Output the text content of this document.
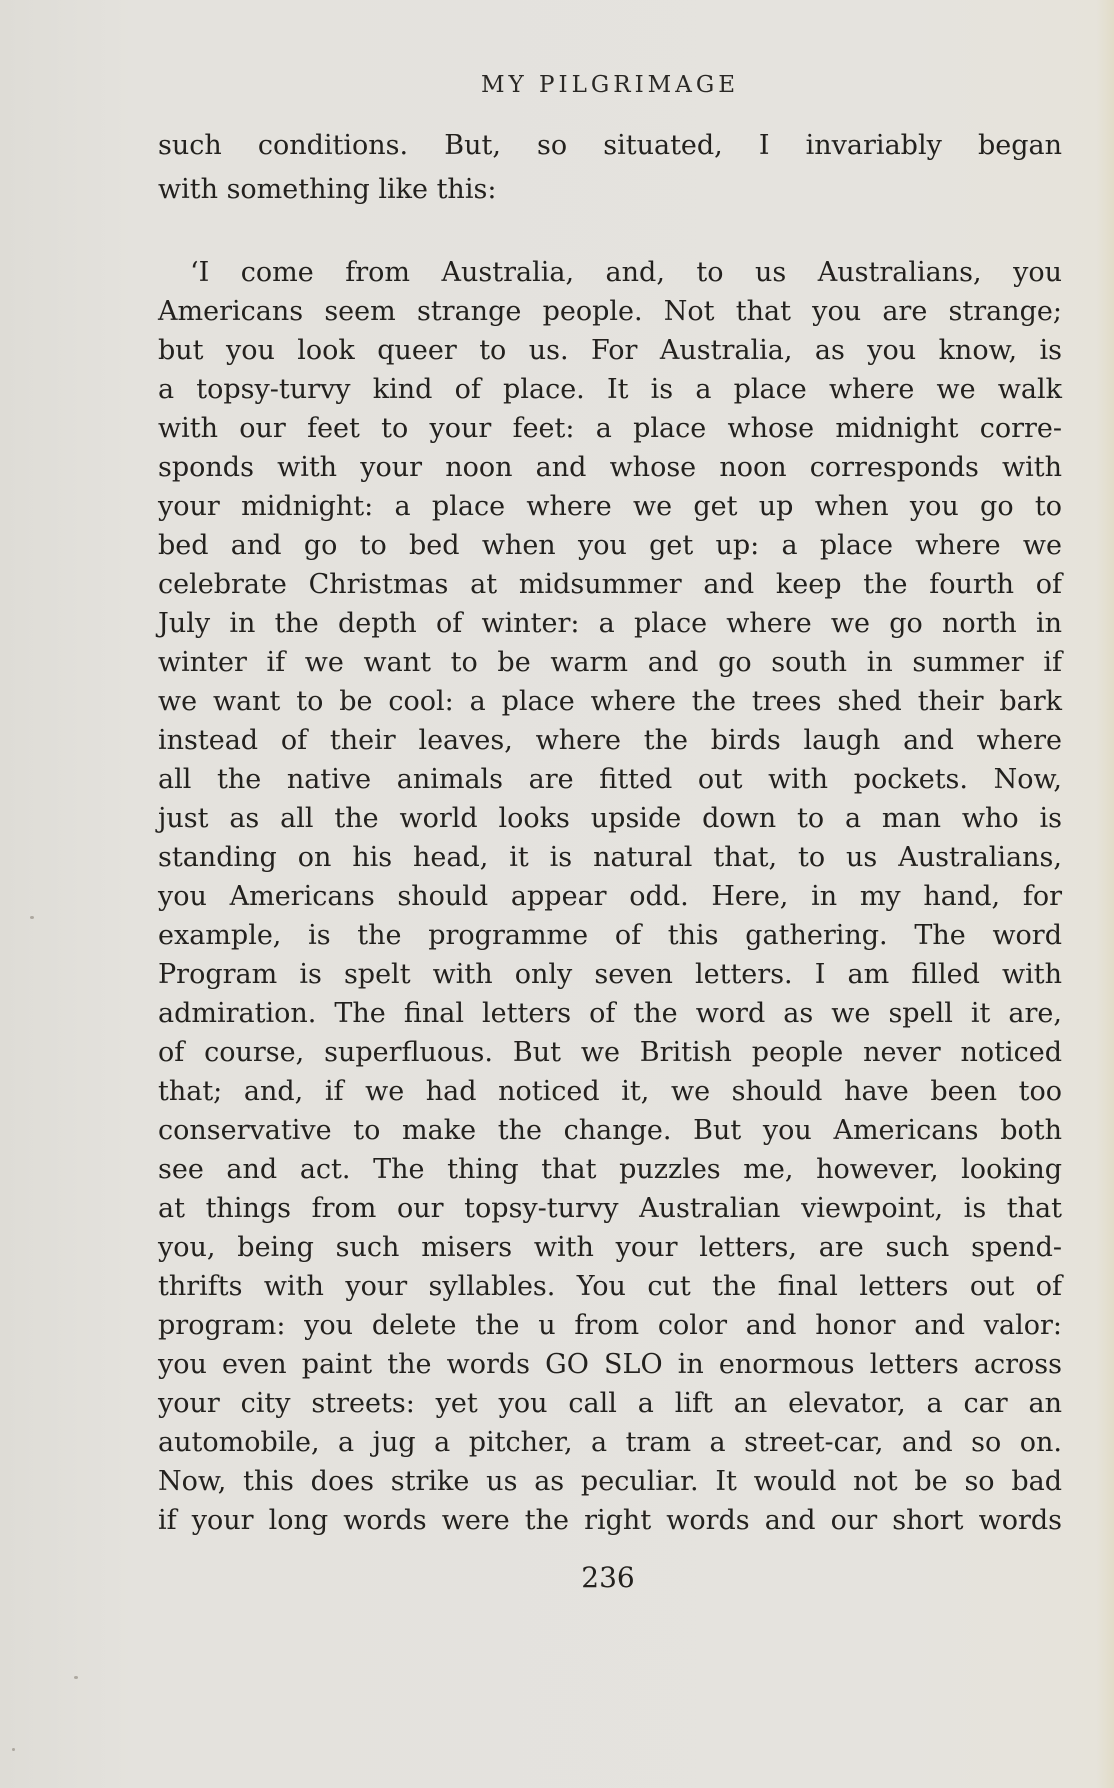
MY PILGRIMAGE
such conditions. But, so situated, I invariably began
with something like this:
‘I come from Australia, and, to us Australians, you
Americans seem strange people. Not that you are strange;
but you look queer to us. For Australia, as you know, is
a topsy-turvy kind of place. It is a place where we walk
with our feet to your feet: a place whose midnight corre-
sponds with your noon and whose noon corresponds with
your midnight: a place where we get up when you go to
bed and go to bed when you get up: a place where we
celebrate Christmas at midsummer and keep the fourth of
July in the depth of winter: a place where we go north in
winter if we want to be warm and go south in summer if
we want to be cool: a place where the trees shed their bark
instead of their leaves, where the birds laugh and where
all the native animals are fitted out with pockets. Now,
just as all the world looks upside down to a man who is
standing on his head, it is natural that, to us Australians,
you Americans should appear odd. Here, in my hand, for
example, is the programme of this gathering. The word
Program is spelt with only seven letters. I am filled with
admiration. The final letters of the word as we spell it are,
of course, superfluous. But we British people never noticed
that; and, if we had noticed it, we should have been too
conservative to make the change. But you Americans both
see and act. The thing that puzzles me, however, looking
at things from our topsy-turvy Australian viewpoint, is that
you, being such misers with your letters, are such spend-
thrifts with your syllables. You cut the final letters out of
program: you delete the u from color and honor and valor:
you even paint the words GO SLO in enormous letters across
your city streets: yet you call a lift an elevator, a car an
automobile, a jug a pitcher, a tram a street-car, and so on.
Now, this does strike us as peculiar. It would not be so bad
if your long words were the right words and our short words
236
